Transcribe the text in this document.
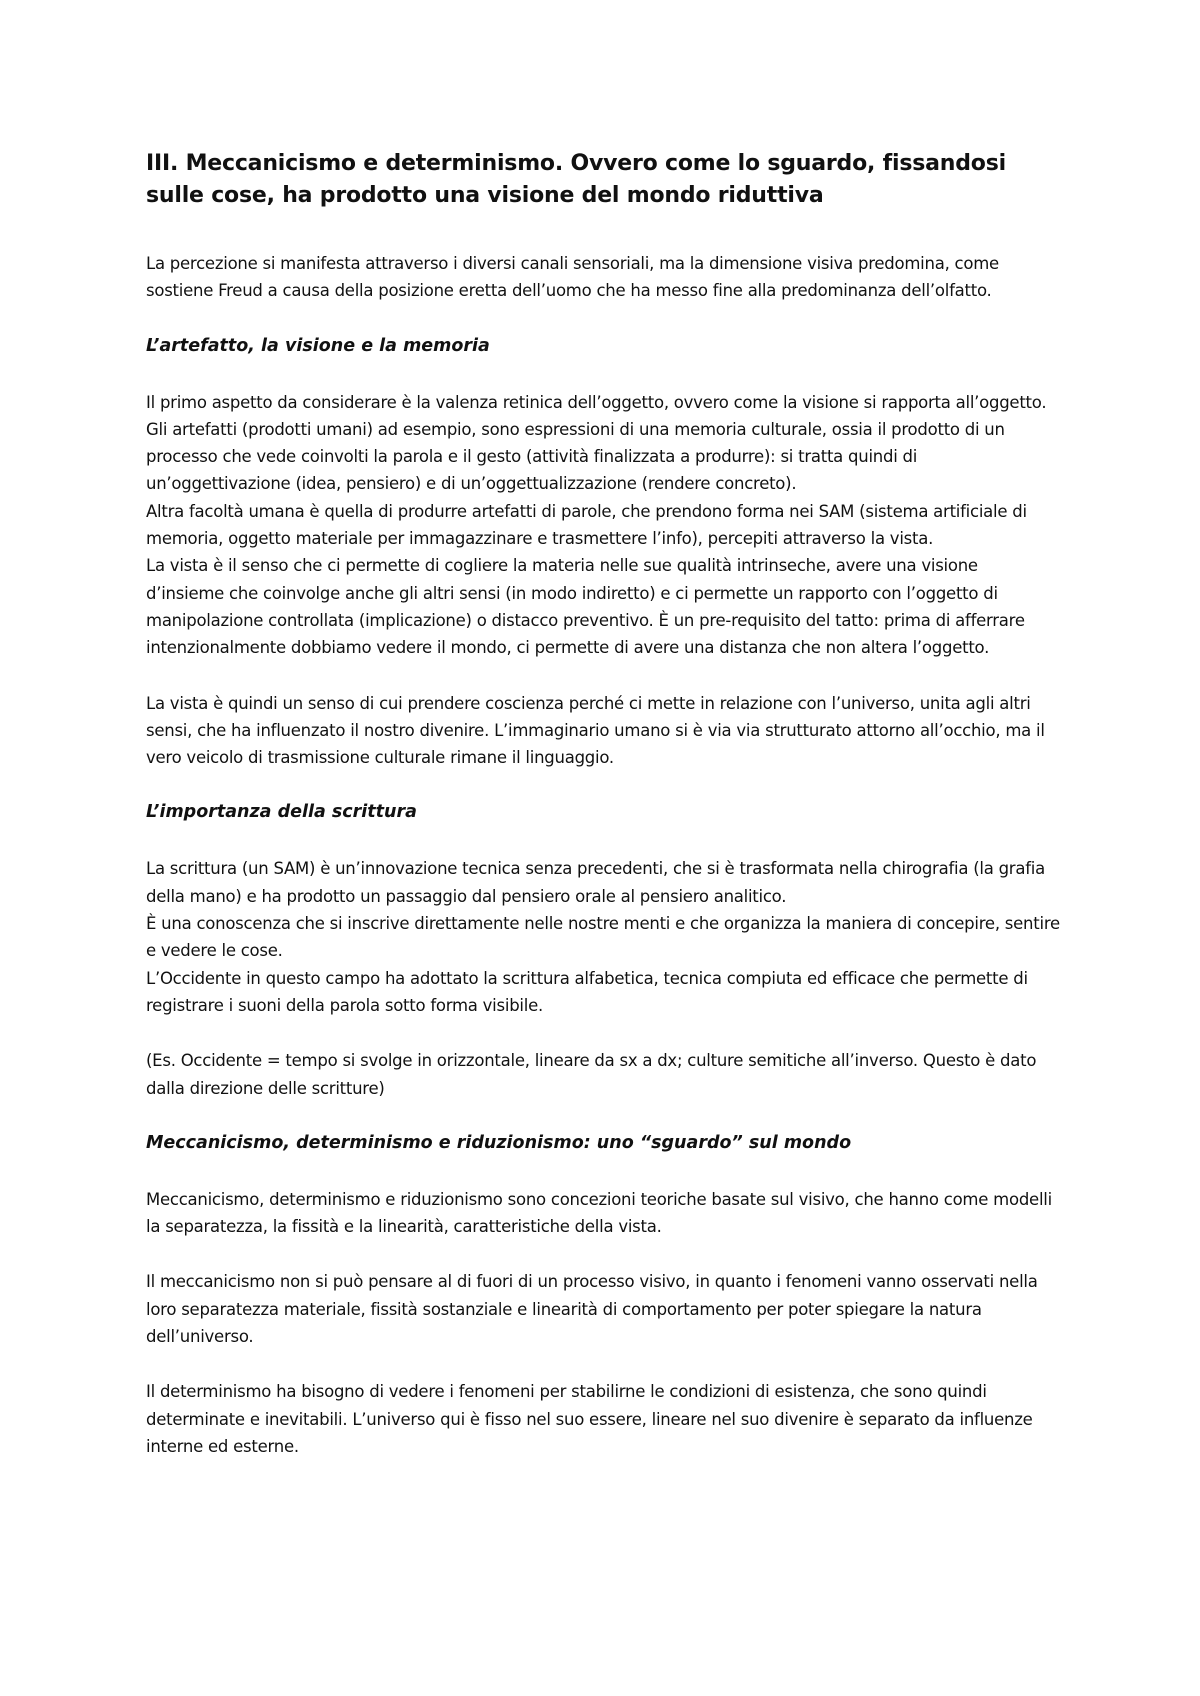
III. Meccanicismo e determinismo. Ovvero come lo sguardo, fissandosi sulle cose, ha prodotto una visione del mondo riduttiva

La percezione si manifesta attraverso i diversi canali sensoriali, ma la dimensione visiva predomina, come sostiene Freud a causa della posizione eretta dell’uomo che ha messo fine alla predominanza dell’olfatto.

L’artefatto, la visione e la memoria

Il primo aspetto da considerare è la valenza retinica dell’oggetto, ovvero come la visione si rapporta all’oggetto.
Gli artefatti (prodotti umani) ad esempio, sono espressioni di una memoria culturale, ossia il prodotto di un processo che vede coinvolti la parola e il gesto (attività finalizzata a produrre): si tratta quindi di un’oggettivazione (idea, pensiero) e di un’oggettualizzazione (rendere concreto).
Altra facoltà umana è quella di produrre artefatti di parole, che prendono forma nei SAM (sistema artificiale di memoria, oggetto materiale per immagazzinare e trasmettere l’info), percepiti attraverso la vista.
La vista è il senso che ci permette di cogliere la materia nelle sue qualità intrinseche, avere una visione d’insieme che coinvolge anche gli altri sensi (in modo indiretto) e ci permette un rapporto con l’oggetto di manipolazione controllata (implicazione) o distacco preventivo. È un pre-requisito del tatto: prima di afferrare intenzionalmente dobbiamo vedere il mondo, ci permette di avere una distanza che non altera l’oggetto.

La vista è quindi un senso di cui prendere coscienza perché ci mette in relazione con l’universo, unita agli altri sensi, che ha influenzato il nostro divenire. L’immaginario umano si è via via strutturato attorno all’occhio, ma il vero veicolo di trasmissione culturale rimane il linguaggio.

L’importanza della scrittura

La scrittura (un SAM) è un’innovazione tecnica senza precedenti, che si è trasformata nella chirografia (la grafia della mano) e ha prodotto un passaggio dal pensiero orale al pensiero analitico.
È una conoscenza che si inscrive direttamente nelle nostre menti e che organizza la maniera di concepire, sentire e vedere le cose.
L’Occidente in questo campo ha adottato la scrittura alfabetica, tecnica compiuta ed efficace che permette di registrare i suoni della parola sotto forma visibile.

(Es. Occidente = tempo si svolge in orizzontale, lineare da sx a dx; culture semitiche all’inverso. Questo è dato dalla direzione delle scritture)

Meccanicismo, determinismo e riduzionismo: uno “sguardo” sul mondo

Meccanicismo, determinismo e riduzionismo sono concezioni teoriche basate sul visivo, che hanno come modelli la separatezza, la fissità e la linearità, caratteristiche della vista.

Il meccanicismo non si può pensare al di fuori di un processo visivo, in quanto i fenomeni vanno osservati nella loro separatezza materiale, fissità sostanziale e linearità di comportamento per poter spiegare la natura dell’universo.

Il determinismo ha bisogno di vedere i fenomeni per stabilirne le condizioni di esistenza, che sono quindi determinate e inevitabili. L’universo qui è fisso nel suo essere, lineare nel suo divenire è separato da influenze interne ed esterne.
